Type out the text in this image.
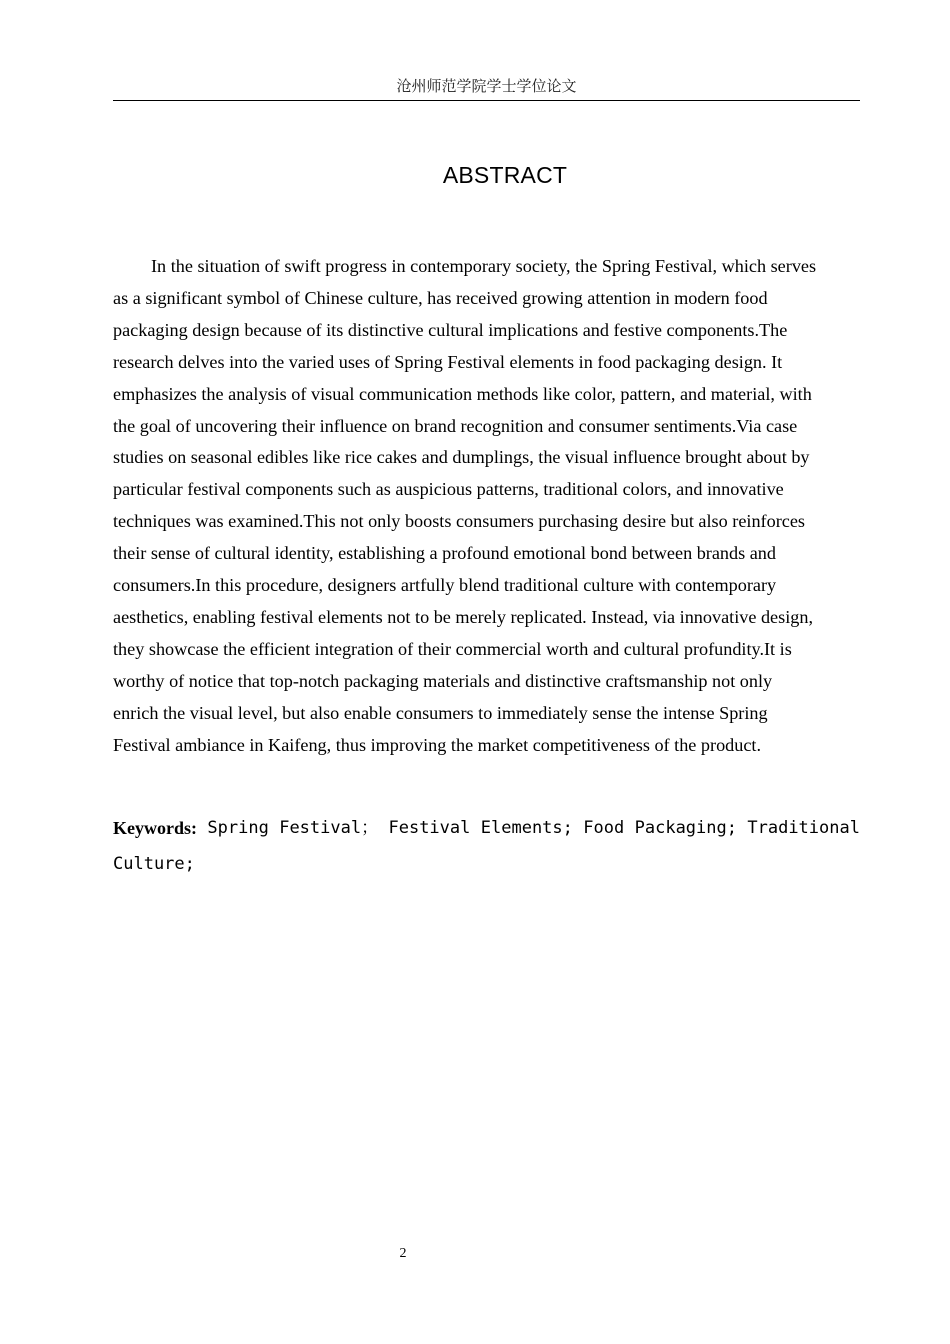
沧州师范学院学士学位论文
ABSTRACT

In the situation of swift progress in contemporary society, the Spring Festival, which serves
as a significant symbol of Chinese culture, has received growing attention in modern food
packaging design because of its distinctive cultural implications and festive components.The
research delves into the varied uses of Spring Festival elements in food packaging design. It
emphasizes the analysis of visual communication methods like color, pattern, and material, with
the goal of uncovering their influence on brand recognition and consumer sentiments.Via case
studies on seasonal edibles like rice cakes and dumplings, the visual influence brought about by
particular festival components such as auspicious patterns, traditional colors, and innovative
techniques was examined.This not only boosts consumers purchasing desire but also reinforces
their sense of cultural identity, establishing a profound emotional bond between brands and
consumers.In this procedure, designers artfully blend traditional culture with contemporary
aesthetics, enabling festival elements not to be merely replicated. Instead, via innovative design,
they showcase the efficient integration of their commercial worth and cultural profundity.It is
worthy of notice that top-notch packaging materials and distinctive craftsmanship not only
enrich the visual level, but also enable consumers to immediately sense the intense Spring
Festival ambiance in Kaifeng, thus improving the market competitiveness of the product.

Keywords: Spring Festival； Festival Elements; Food Packaging; Traditional
Culture;
2
